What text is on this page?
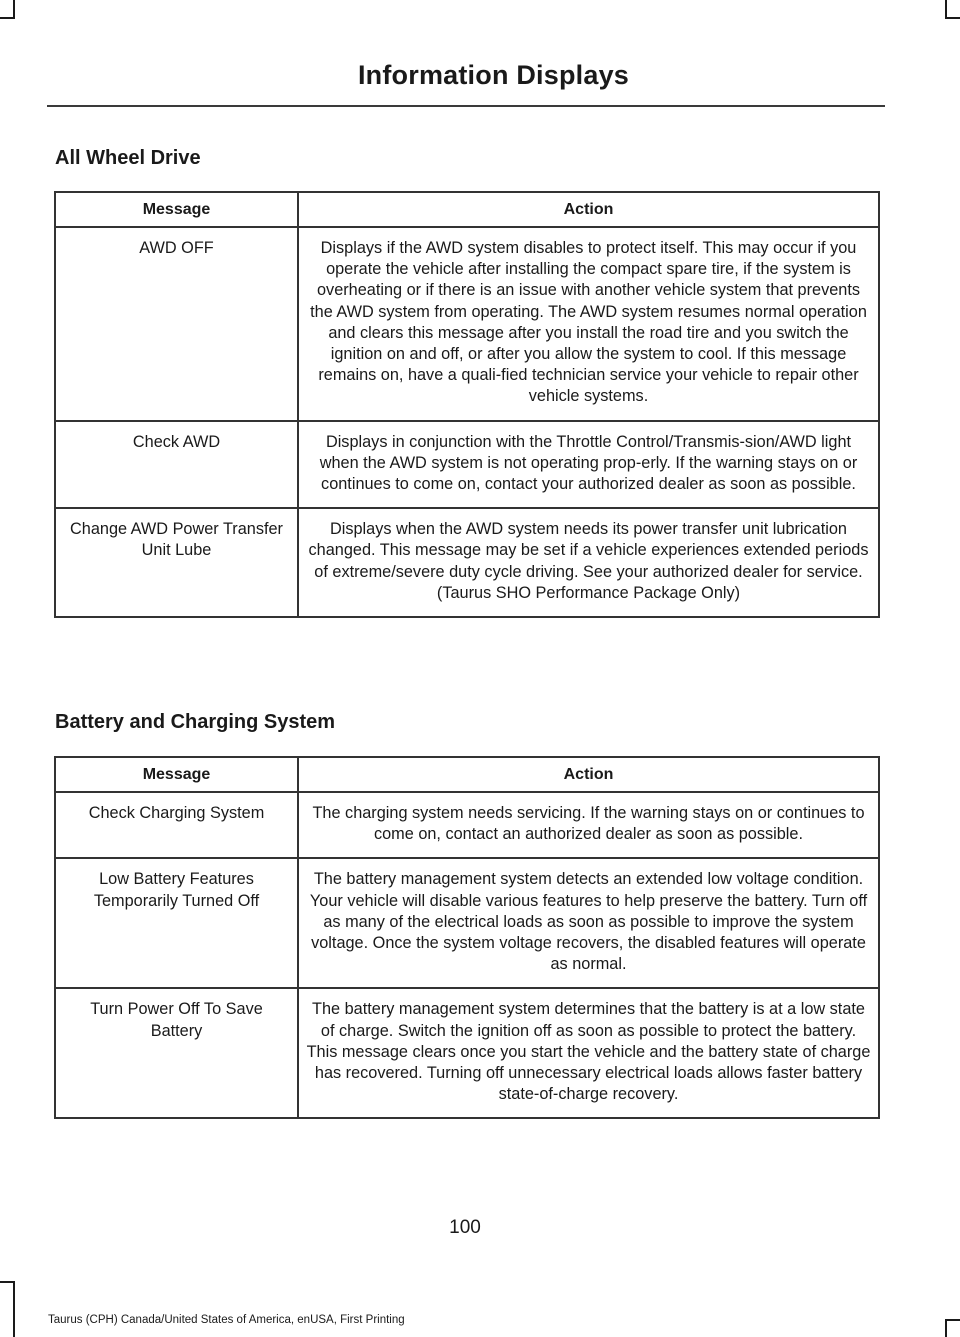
Information Displays
All Wheel Drive
Message	Action
AWD OFF	Displays if the AWD system disables to protect itself. This may occur if you operate the vehicle after installing the compact spare tire, if the system is overheating or if there is an issue with another vehicle system that prevents the AWD system from operating. The AWD system resumes normal operation and clears this message after you install the road tire and you switch the ignition on and off, or after you allow the system to cool. If this message remains on, have a quali-fied technician service your vehicle to repair other vehicle systems.
Check AWD	Displays in conjunction with the Throttle Control/Transmis-sion/AWD light when the AWD system is not operating prop-erly. If the warning stays on or continues to come on, contact your authorized dealer as soon as possible.
Change AWD Power Transfer Unit Lube	Displays when the AWD system needs its power transfer unit lubrication changed. This message may be set if a vehicle experiences extended periods of extreme/severe duty cycle driving. See your authorized dealer for service. (Taurus SHO Performance Package Only)
Battery and Charging System
Message	Action
Check Charging System	The charging system needs servicing. If the warning stays on or continues to come on, contact an authorized dealer as soon as possible.
Low Battery Features Temporarily Turned Off	The battery management system detects an extended low voltage condition. Your vehicle will disable various features to help preserve the battery. Turn off as many of the electrical loads as soon as possible to improve the system voltage. Once the system voltage recovers, the disabled features will operate as normal.
Turn Power Off To Save Battery	The battery management system determines that the battery is at a low state of charge. Switch the ignition off as soon as possible to protect the battery. This message clears once you start the vehicle and the battery state of charge has recovered. Turning off unnecessary electrical loads allows faster battery state-of-charge recovery.
100
Taurus (CPH) Canada/United States of America, enUSA, First Printing
